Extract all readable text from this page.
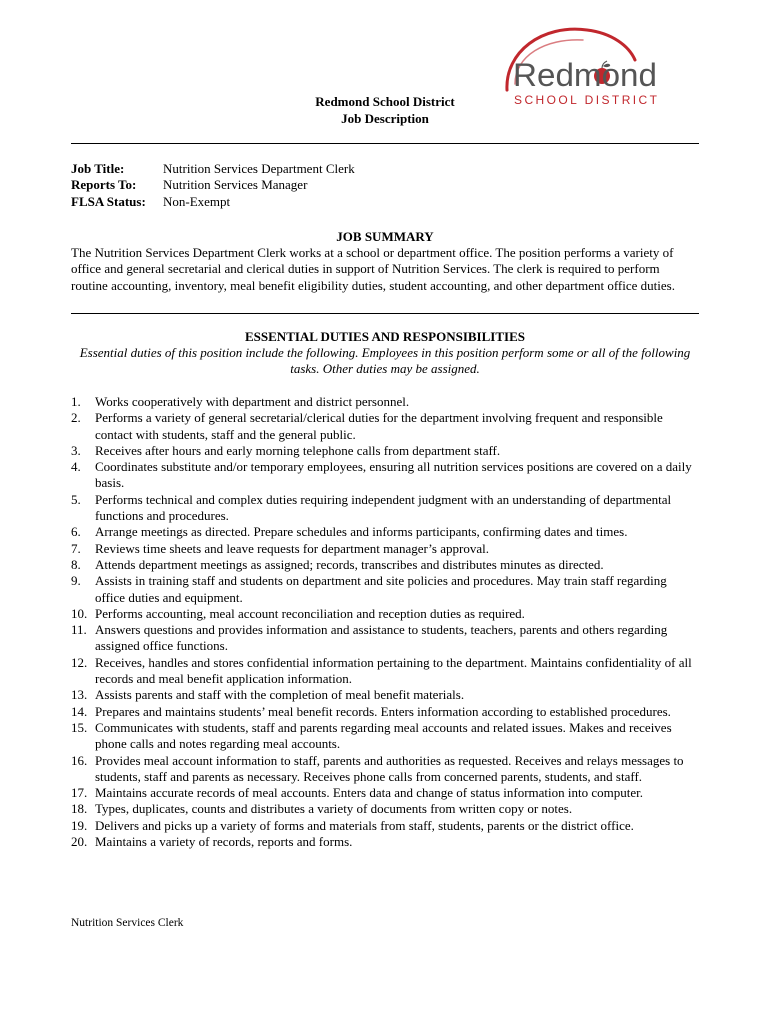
Redmond
SCHOOL DISTRICT
Redmond School District
Job Description
Job Title:	Nutrition Services Department Clerk
Reports To:	Nutrition Services Manager
FLSA Status:	Non-Exempt
JOB SUMMARY
The Nutrition Services Department Clerk works at a school or department office. The position performs a variety of office and general secretarial and clerical duties in support of Nutrition Services. The clerk is required to perform routine accounting, inventory, meal benefit eligibility duties, student accounting, and other department office duties.
ESSENTIAL DUTIES AND RESPONSIBILITIES
Essential duties of this position include the following. Employees in this position perform some or all of the following tasks. Other duties may be assigned.
1.	Works cooperatively with department and district personnel.
2.	Performs a variety of general secretarial/clerical duties for the department involving frequent and responsible contact with students, staff and the general public.
3.	Receives after hours and early morning telephone calls from department staff.
4.	Coordinates substitute and/or temporary employees, ensuring all nutrition services positions are covered on a daily basis.
5.	Performs technical and complex duties requiring independent judgment with an understanding of departmental functions and procedures.
6.	Arrange meetings as directed. Prepare schedules and informs participants, confirming dates and times.
7.	Reviews time sheets and leave requests for department manager’s approval.
8.	Attends department meetings as assigned; records, transcribes and distributes minutes as directed.
9.	Assists in training staff and students on department and site policies and procedures. May train staff regarding office duties and equipment.
10. Performs accounting, meal account reconciliation and reception duties as required.
11. Answers questions and provides information and assistance to students, teachers, parents and others regarding assigned office functions.
12. Receives, handles and stores confidential information pertaining to the department. Maintains confidentiality of all records and meal benefit application information.
13. Assists parents and staff with the completion of meal benefit materials.
14. Prepares and maintains students’ meal benefit records. Enters information according to established procedures.
15. Communicates with students, staff and parents regarding meal accounts and related issues. Makes and receives phone calls and notes regarding meal accounts.
16. Provides meal account information to staff, parents and authorities as requested. Receives and relays messages to students, staff and parents as necessary. Receives phone calls from concerned parents, students, and staff.
17. Maintains accurate records of meal accounts. Enters data and change of status information into computer.
18. Types, duplicates, counts and distributes a variety of documents from written copy or notes.
19. Delivers and picks up a variety of forms and materials from staff, students, parents or the district office.
20. Maintains a variety of records, reports and forms.
Nutrition Services Clerk
